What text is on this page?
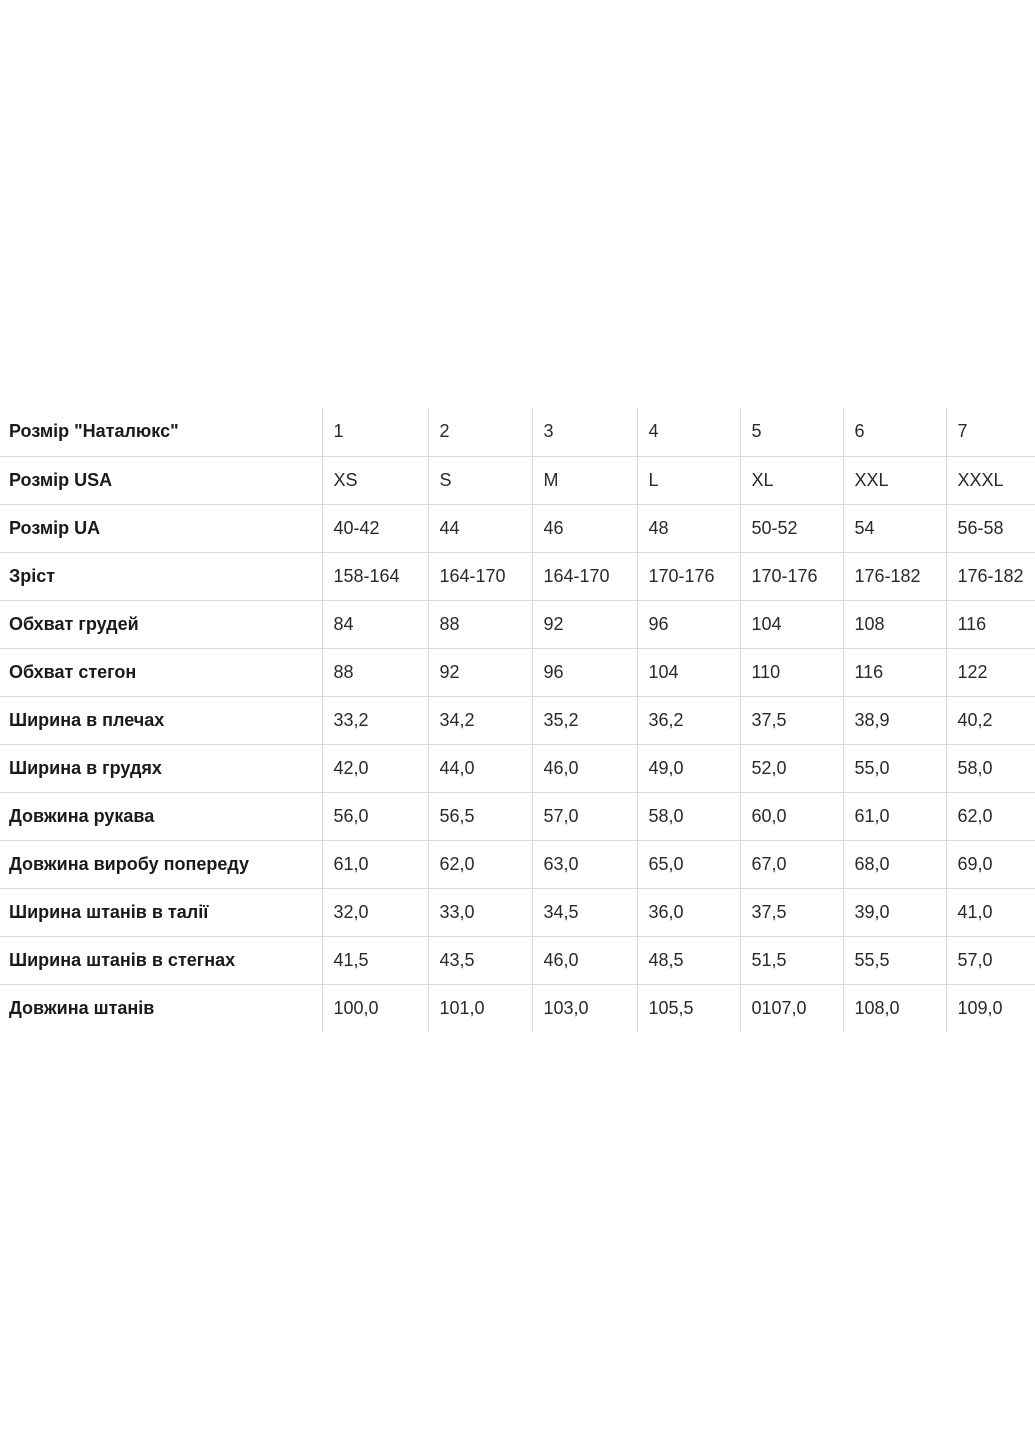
Розмір "Наталюкс"	1	2	3	4	5	6	7
Розмір USA	XS	S	M	L	XL	XXL	XXXL
Розмір UA	40-42	44	46	48	50-52	54	56-58
Зріст	158-164	164-170	164-170	170-176	170-176	176-182	176-182
Обхват грудей	84	88	92	96	104	108	116
Обхват стегон	88	92	96	104	110	116	122
Ширина в плечах	33,2	34,2	35,2	36,2	37,5	38,9	40,2
Ширина в грудях	42,0	44,0	46,0	49,0	52,0	55,0	58,0
Довжина рукава	56,0	56,5	57,0	58,0	60,0	61,0	62,0
Довжина виробу попереду	61,0	62,0	63,0	65,0	67,0	68,0	69,0
Ширина штанів в талії	32,0	33,0	34,5	36,0	37,5	39,0	41,0
Ширина штанів в стегнах	41,5	43,5	46,0	48,5	51,5	55,5	57,0
Довжина штанів	100,0	101,0	103,0	105,5	0107,0	108,0	109,0
